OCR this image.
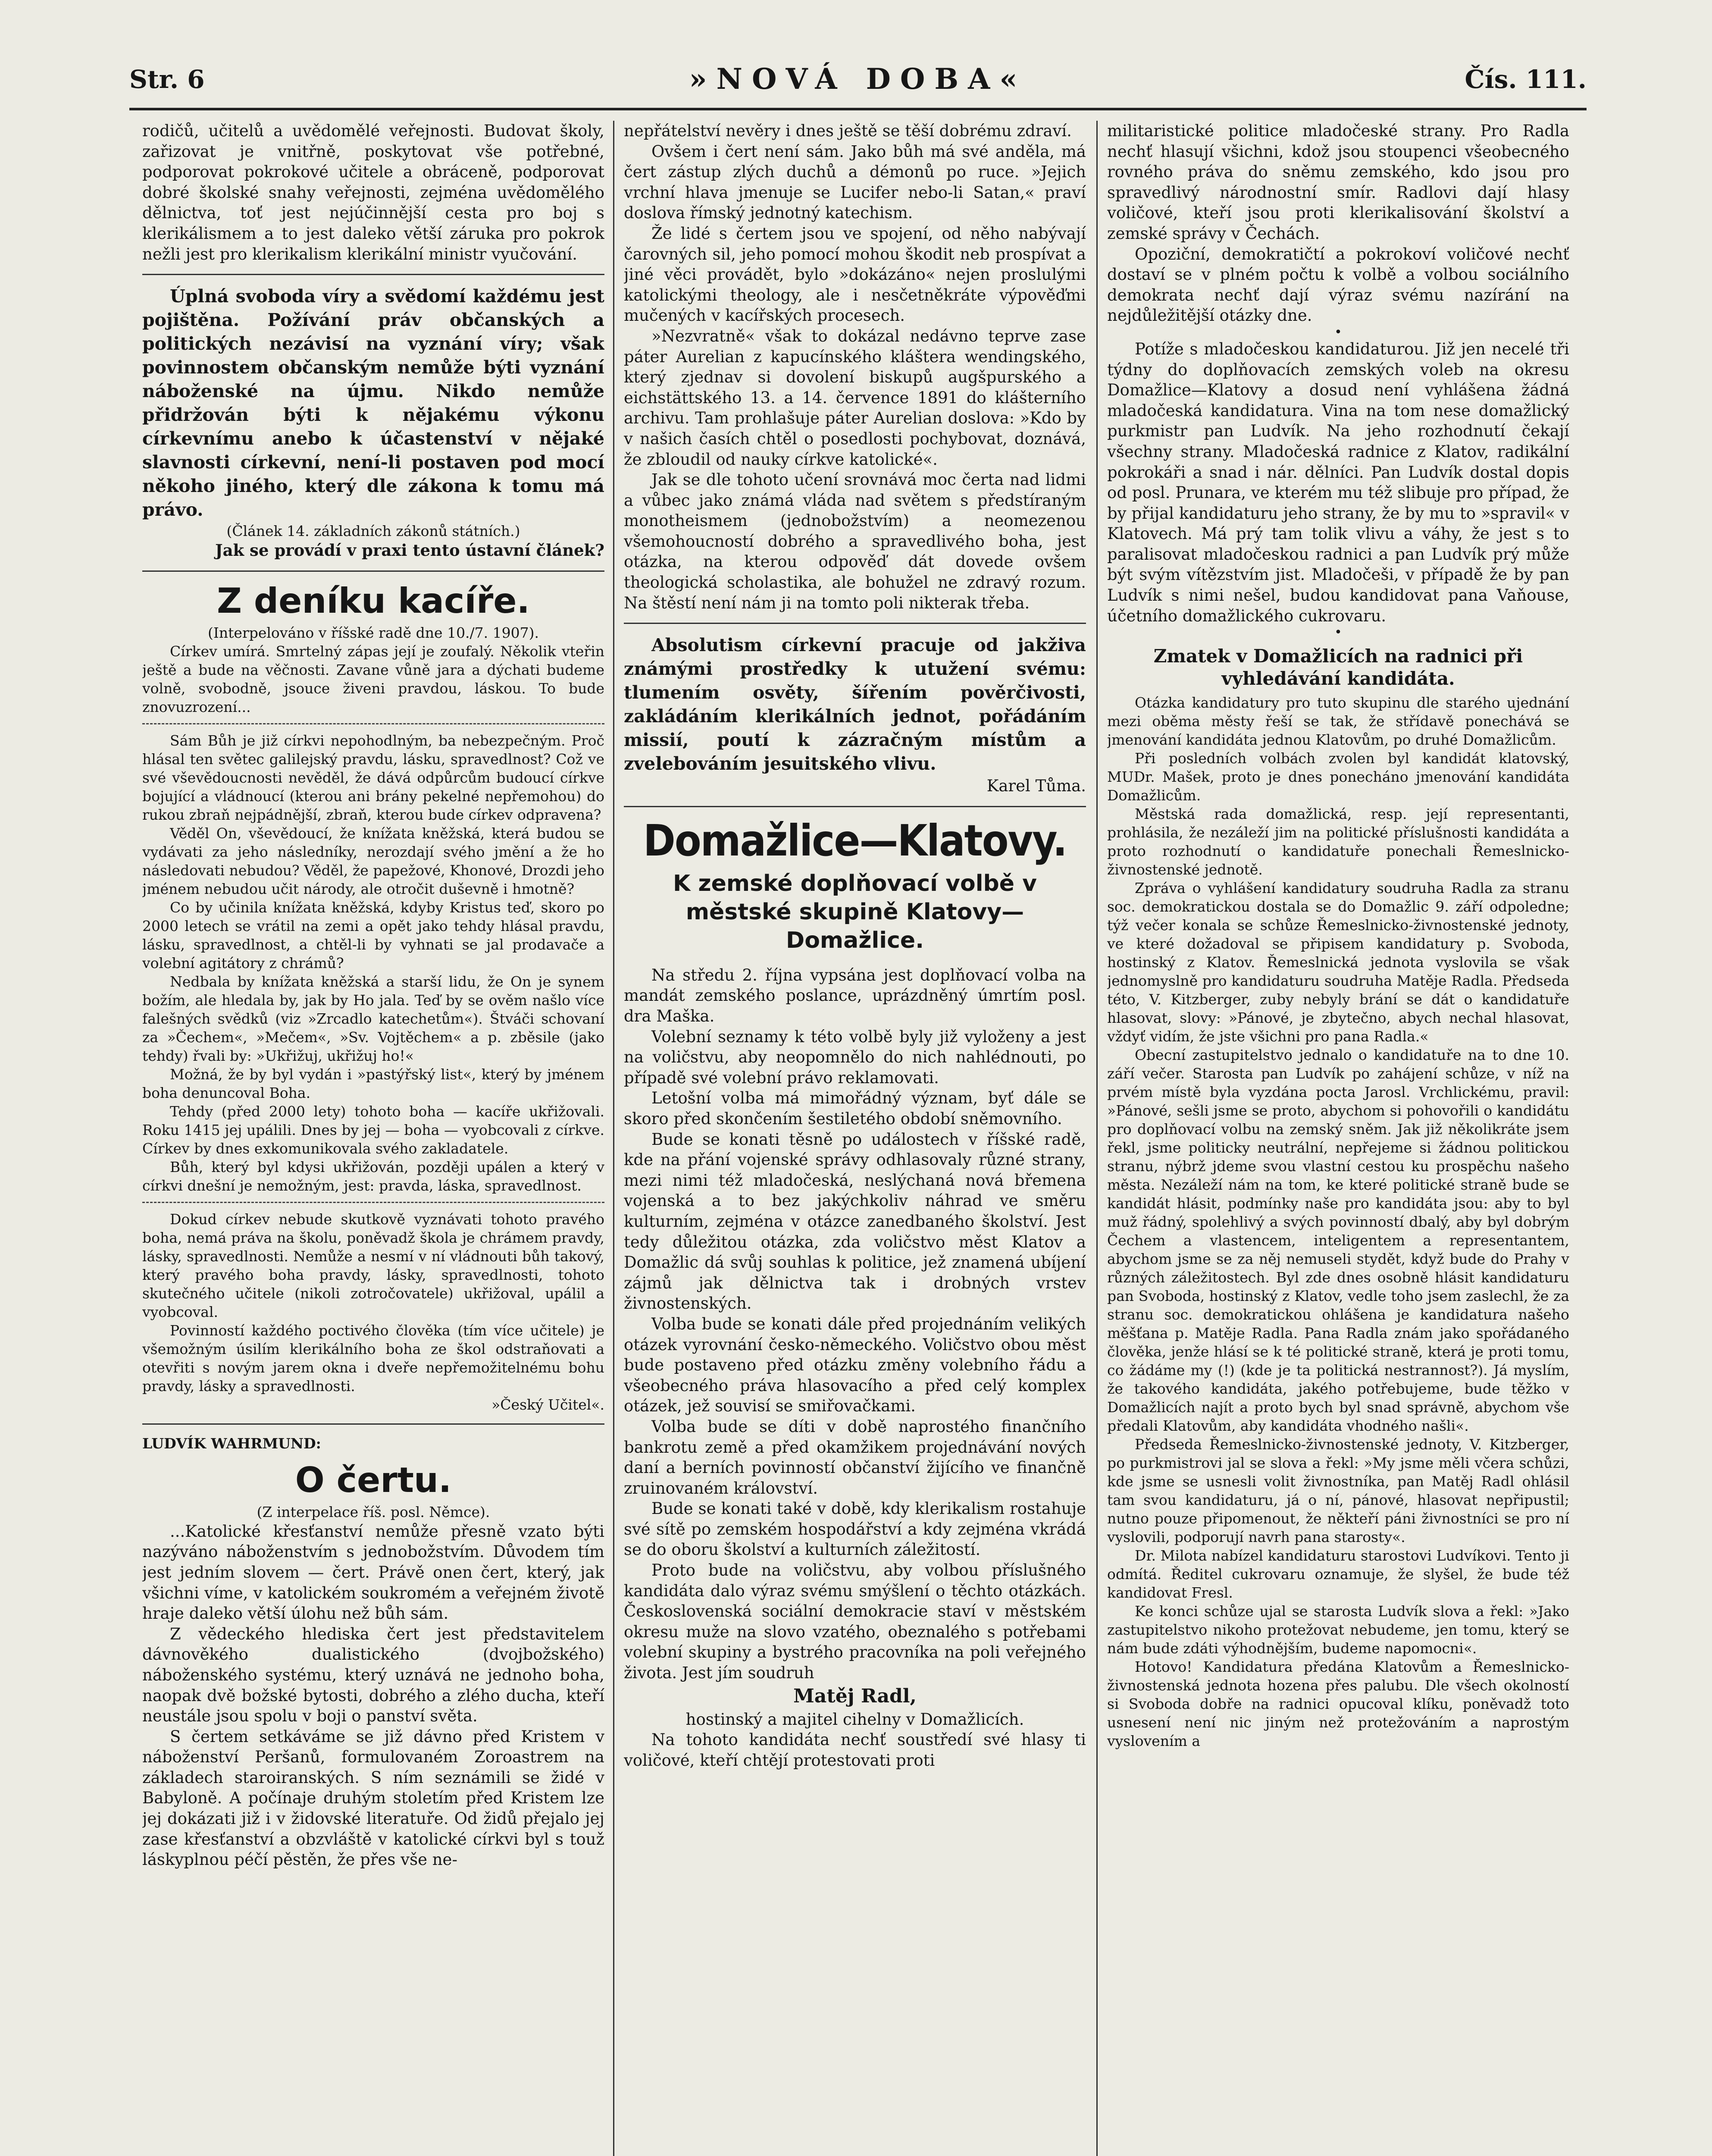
Str. 6	»NOVÁ DOBA«	Čís. 111.

rodičů, učitelů a uvědomělé veřejnosti. Budovat školy, zařizovat je vnitřně, poskytovat vše potřebné, podporovat pokrokové učitele a obráceně, podporovat dobré školské snahy veřejnosti, zejména uvědomělého dělnictva, toť jest nejúčinnější cesta pro boj s klerikálismem a to jest daleko větší záruka pro pokrok nežli jest pro klerikalism klerikální ministr vyučování.

Úplná svoboda víry a svědomí každému jest pojištěna. Požívání práv občanských a politických nezávisí na vyznání víry; však povinnostem občanským nemůže býti vyznání náboženské na újmu. Nikdo nemůže přidržován býti k nějakému výkonu církevnímu anebo k účastenství v nějaké slavnosti církevní, není-li postaven pod mocí někoho jiného, který dle zákona k tomu má právo.

(Článek 14. základních zákonů státních.)

Jak se provádí v praxi tento ústavní článek?

Z deníku kacíře.

(Interpelováno v říšské radě dne 10./7. 1907).

Církev umírá. Smrtelný zápas její je zoufalý. Několik vteřin ještě a bude na věčnosti. Zavane vůně jara a dýchati budeme volně, svobodně, jsouce živeni pravdou, láskou. To bude znovuzrození...

Sám Bůh je již církvi nepohodlným, ba nebezpečným. Proč hlásal ten světec galilejský pravdu, lásku, spravedlnost? Což ve své vševědoucnosti nevěděl, že dává odpůrcům budoucí církve bojující a vládnoucí (kterou ani brány pekelné nepřemohou) do rukou zbraň nejpádnější, zbraň, kterou bude církev odpravena?

Věděl On, vševědoucí, že knížata kněžská, která budou se vydávati za jeho následníky, nerozdají svého jmění a že ho následovati nebudou? Věděl, že papežové, Khonové, Drozdi jeho jménem nebudou učit národy, ale otročit duševně i hmotně?

Co by učinila knížata kněžská, kdyby Kristus teď, skoro po 2000 letech se vrátil na zemi a opět jako tehdy hlásal pravdu, lásku, spravedlnost, a chtěl-li by vyhnati se jal prodavače a volební agitátory z chrámů?

Nedbala by knížata kněžská a starší lidu, že On je synem božím, ale hledala by, jak by Ho jala. Teď by se ověm našlo více falešných svědků (viz »Zrcadlo katechetům«). Štváči schovaní za »Čechem«, »Mečem«, »Sv. Vojtěchem« a p. zběsile (jako tehdy) řvali by: »Ukřižuj, ukřižuj ho!«

Možná, že by byl vydán i »pastýřský list«, který by jménem boha denuncoval Boha.

Tehdy (před 2000 lety) tohoto boha — kacíře ukřižovali. Roku 1415 jej upálili. Dnes by jej — boha — vyobcovali z církve. Církev by dnes exkomunikovala svého zakladatele.

Bůh, který byl kdysi ukřižován, později upálen a který v církvi dnešní je nemožným, jest: pravda, láska, spravedlnost.

Dokud církev nebude skutkově vyznávati tohoto pravého boha, nemá práva na školu, poněvadž škola je chrámem pravdy, lásky, spravedlnosti. Nemůže a nesmí v ní vládnouti bůh takový, který pravého boha pravdy, lásky, spravedlnosti, tohoto skutečného učitele (nikoli zotročovatele) ukřižoval, upálil a vyobcoval.

Povinností každého poctivého člověka (tím více učitele) je všemožným úsilím klerikálního boha ze škol odstraňovati a otevřiti s novým jarem okna i dveře nepřemožitelnému bohu pravdy, lásky a spravedlnosti.

»Český Učitel«.

LUDVÍK WAHRMUND:

O čertu.

(Z interpelace říš. posl. Němce).

...Katolické křesťanství nemůže přesně vzato býti nazýváno náboženstvím s jednobožstvím. Důvodem tím jest jedním slovem — čert. Právě onen čert, který, jak všichni víme, v katolickém soukromém a veřejném životě hraje daleko větší úlohu než bůh sám.

Z vědeckého hlediska čert jest představitelem dávnověkého dualistického (dvojbožského) náboženského systému, který uznává ne jednoho boha, naopak dvě božské bytosti, dobrého a zlého ducha, kteří neustále jsou spolu v boji o panství světa.

S čertem setkáváme se již dávno před Kristem v náboženství Peršanů, formulovaném Zoroastrem na základech staroiranských. S ním seznámili se židé v Babyloně. A počínaje druhým stoletím před Kristem lze jej dokázati již i v židovské literatuře. Od židů přejalo jej zase křesťanství a obzvláště v katolické církvi byl s touž láskyplnou péčí pěstěn, že přes vše ne-

nepřátelství nevěry i dnes ještě se těší dobrému zdraví.

Ovšem i čert není sám. Jako bůh má své anděla, má čert zástup zlých duchů a démonů po ruce. »Jejich vrchní hlava jmenuje se Lucifer nebo-li Satan,« praví doslova římský jednotný katechism.

Že lidé s čertem jsou ve spojení, od něho nabývají čarovných sil, jeho pomocí mohou škodit neb prospívat a jiné věci provádět, bylo »dokázáno« nejen proslulými katolickými theology, ale i nesčetněkráte výpověďmi mučených v kacířských procesech.

»Nezvratně« však to dokázal nedávno teprve zase páter Aurelian z kapucínského kláštera wendingského, který zjednav si dovolení biskupů augšpurského a eichstättského 13. a 14. července 1891 do klášterního archivu. Tam prohlašuje páter Aurelian doslova: »Kdo by v našich časích chtěl o posedlosti pochybovat, doznává, že zbloudil od nauky církve katolické«.

Jak se dle tohoto učení srovnává moc čerta nad lidmi a vůbec jako známá vláda nad světem s předstíraným monotheismem (jednobožstvím) a neomezenou všemohoucností dobrého a spravedlivého boha, jest otázka, na kterou odpověď dát dovede ovšem theologická scholastika, ale bohužel ne zdravý rozum. Na štěstí není nám ji na tomto poli nikterak třeba.

Absolutism církevní pracuje od jakživa známými prostředky k utužení svému: tlumením osvěty, šířením pověrčivosti, zakládáním klerikálních jednot, pořádáním missií, poutí k zázračným místům a zvelebováním jesuitského vlivu.

Karel Tůma.

Domažlice—Klatovy.
K zemské doplňovací volbě v městské skupině Klatovy—Domažlice.

Na středu 2. října vypsána jest doplňovací volba na mandát zemského poslance, uprázdněný úmrtím posl. dra Maška.

Volební seznamy k této volbě byly již vyloženy a jest na voličstvu, aby neopomnělo do nich nahlédnouti, po případě své volební právo reklamovati.

Letošní volba má mimořádný význam, byť dále se skoro před skončením šestiletého období sněmovního.

Bude se konati těsně po událostech v říšské radě, kde na přání vojenské správy odhlasovaly různé strany, mezi nimi též mladočeská, neslýchaná nová břemena vojenská a to bez jakýchkoliv náhrad ve směru kulturním, zejména v otázce zanedbaného školství. Jest tedy důležitou otázka, zda voličstvo měst Klatov a Domažlic dá svůj souhlas k politice, jež znamená ubíjení zájmů jak dělnictva tak i drobných vrstev živnostenských.

Volba bude se konati dále před projednáním velikých otázek vyrovnání česko-německého. Voličstvo obou měst bude postaveno před otázku změny volebního řádu a všeobecného práva hlasovacího a před celý komplex otázek, jež souvisí se smiřovačkami.

Volba bude se díti v době naprostého finančního bankrotu země a před okamžikem projednávání nových daní a berních povinností občanství žijícího ve finančně zruinovaném království.

Bude se konati také v době, kdy klerikalism rostahuje své sítě po zemském hospodářství a kdy zejména vkrádá se do oboru školství a kulturních záležitostí.

Proto bude na voličstvu, aby volbou příslušného kandidáta dalo výraz svému smýšlení o těchto otázkách. Československá sociální demokracie staví v městském okresu muže na slovo vzatého, obeznalého s potřebami volební skupiny a bystrého pracovníka na poli veřejného života. Jest jím soudruh

Matěj Radl,

hostinský a majitel cihelny v Domažlicích.

Na tohoto kandidáta nechť soustředí své hlasy ti voličové, kteří chtějí protestovati proti

militaristické politice mladočeské strany. Pro Radla nechť hlasují všichni, kdož jsou stoupenci všeobecného rovného práva do sněmu zemského, kdo jsou pro spravedlivý národnostní smír. Radlovi dají hlasy voličové, kteří jsou proti klerikalisování školství a zemské správy v Čechách.

Opoziční, demokratičtí a pokrokoví voličové nechť dostaví se v plném počtu k volbě a volbou sociálního demokrata nechť dají výraz svému nazírání na nejdůležitější otázky dne.

•

Potíže s mladočeskou kandidaturou. Již jen necelé tři týdny do doplňovacích zemských voleb na okresu Domažlice—Klatovy a dosud není vyhlášena žádná mladočeská kandidatura. Vina na tom nese domažlický purkmistr pan Ludvík. Na jeho rozhodnutí čekají všechny strany. Mladočeská radnice z Klatov, radikální pokrokáři a snad i nár. dělníci. Pan Ludvík dostal dopis od posl. Prunara, ve kterém mu též slibuje pro případ, že by přijal kandidaturu jeho strany, že by mu to »spravil« v Klatovech. Má prý tam tolik vlivu a váhy, že jest s to paralisovat mladočeskou radnici a pan Ludvík prý může být svým vítězstvím jist. Mladočeši, v případě že by pan Ludvík s nimi nešel, budou kandidovat pana Vaňouse, účetního domažlického cukrovaru.

•
Zmatek v Domažlicích na radnici při vyhledávání kandidáta.

Otázka kandidatury pro tuto skupinu dle starého ujednání mezi oběma městy řeší se tak, že střídavě ponechává se jmenování kandidáta jednou Klatovům, po druhé Domažlicům.

Při posledních volbách zvolen byl kandidát klatovský, MUDr. Mašek, proto je dnes ponecháno jmenování kandidáta Domažlicům.

Městská rada domažlická, resp. její representanti, prohlásila, že nezáleží jim na politické příslušnosti kandidáta a proto rozhodnutí o kandidatuře ponechali Řemeslnicko-živnostenské jednotě.

Zpráva o vyhlášení kandidatury soudruha Radla za stranu soc. demokratickou dostala se do Domažlic 9. září odpoledne; týž večer konala se schůze Řemeslnicko-živnostenské jednoty, ve které dožadoval se připisem kandidatury p. Svoboda, hostinský z Klatov. Řemeslnická jednota vyslovila se však jednomyslně pro kandidaturu soudruha Matěje Radla. Předseda této, V. Kitzberger, zuby nebyly brání se dát o kandidatuře hlasovat, slovy: »Pánové, je zbytečno, abych nechal hlasovat, vždyť vidím, že jste všichni pro pana Radla.«

Obecní zastupitelstvo jednalo o kandidatuře na to dne 10. září večer. Starosta pan Ludvík po zahájení schůze, v níž na prvém místě byla vyzdána pocta Jarosl. Vrchlickému, pravil: »Pánové, sešli jsme se proto, abychom si pohovořili o kandidátu pro doplňovací volbu na zemský sněm. Jak již několikráte jsem řekl, jsme politicky neutrální, nepřejeme si žádnou politickou stranu, nýbrž jdeme svou vlastní cestou ku prospěchu našeho města. Nezáleží nám na tom, ke které politické straně bude se kandidát hlásit, podmínky naše pro kandidáta jsou: aby to byl muž řádný, spolehlivý a svých povinností dbalý, aby byl dobrým Čechem a vlastencem, inteligentem a representantem, abychom jsme se za něj nemuseli stydět, když bude do Prahy v různých záležitostech. Byl zde dnes osobně hlásit kandidaturu pan Svoboda, hostinský z Klatov, vedle toho jsem zaslechl, že za stranu soc. demokratickou ohlášena je kandidatura našeho měšťana p. Matěje Radla. Pana Radla znám jako spořádaného člověka, jenže hlásí se k té politické straně, která je proti tomu, co žádáme my (!) (kde je ta politická nestrannost?). Já myslím, že takového kandidáta, jakého potřebujeme, bude těžko v Domažlicích najít a proto bych byl snad správně, abychom vše předali Klatovům, aby kandidáta vhodného našli«.

Předseda Řemeslnicko-živnostenské jednoty, V. Kitzberger, po purkmistrovi jal se slova a řekl: »My jsme měli včera schůzi, kde jsme se usnesli volit živnostníka, pan Matěj Radl ohlásil tam svou kandidaturu, já o ní, pánové, hlasovat nepřipustil; nutno pouze připomenout, že někteří páni živnostníci se pro ní vyslovili, podporují navrh pana starosty«.

Dr. Milota nabízel kandidaturu starostovi Ludvíkovi. Tento ji odmítá. Ředitel cukrovaru oznamuje, že slyšel, že bude též kandidovat Fresl.

Ke konci schůze ujal se starosta Ludvík slova a řekl: »Jako zastupitelstvo nikoho protežovat nebudeme, jen tomu, který se nám bude zdáti výhodnějším, budeme napomocni«.

Hotovo! Kandidatura předána Klatovům a Řemeslnicko-živnostenská jednota hozena přes palubu. Dle všech okolností si Svoboda dobře na radnici opucoval klíku, poněvadž toto usnesení není nic jiným než protežováním a naprostým vyslovením a
